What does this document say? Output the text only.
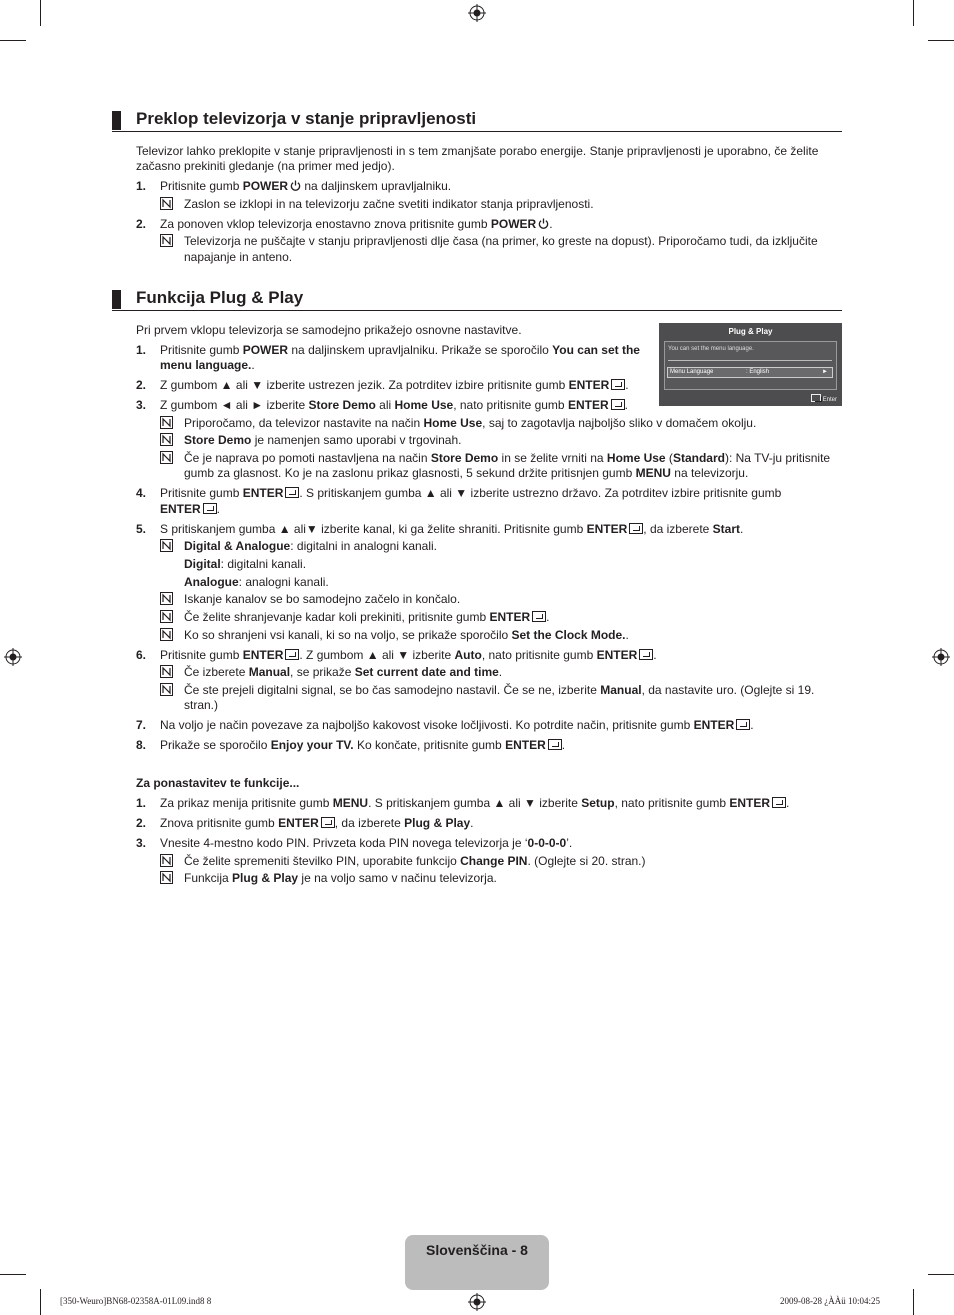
Preklop televizorja v stanje pripravljenosti
Televizor lahko preklopite v stanje pripravljenosti in s tem zmanjšate porabo energije. Stanje pripravljenosti je uporabno, če želite
začasno prekiniti gledanje (na primer med jedjo).
1. Pritisnite gumb POWER na daljinskem upravljalniku.
Zaslon se izklopi in na televizorju začne svetiti indikator stanja pripravljenosti.
2. Za ponoven vklop televizorja enostavno znova pritisnite gumb POWER .
Televizorja ne puščajte v stanju pripravljenosti dlje časa (na primer, ko greste na dopust). Priporočamo tudi, da izključite
napajanje in anteno.
Funkcija Plug & Play
Pri prvem vklopu televizorja se samodejno prikažejo osnovne nastavitve.	Plug & Play
You can set the menu language.
Menu Language	: English	►
Enter
1. Pritisnite gumb POWER na daljinskem upravljalniku. Prikaže se sporočilo You can set the
menu language..
2. Z gumbom ▲ ali ▼ izberite ustrezen jezik. Za potrditev izbire pritisnite gumb ENTER .
3. Z gumbom ◄ ali ► izberite Store Demo ali Home Use, nato pritisnite gumb ENTER .
Priporočamo, da televizor nastavite na način Home Use, saj to zagotavlja najboljšo sliko v domačem okolju.
Store Demo je namenjen samo uporabi v trgovinah.
Če je naprava po pomoti nastavljena na način Store Demo in se želite vrniti na Home Use (Standard): Na TV-ju pritisnite
gumb za glasnost. Ko je na zaslonu prikaz glasnosti, 5 sekund držite pritisnjen gumb MENU na televizorju.
4. Pritisnite gumb ENTER . S pritiskanjem gumba ▲ ali ▼ izberite ustrezno državo. Za potrditev izbire pritisnite gumb
ENTER .
5. S pritiskanjem gumba ▲ ali▼ izberite kanal, ki ga želite shraniti. Pritisnite gumb ENTER , da izberete Start.
Digital & Analogue: digitalni in analogni kanali.
Digital: digitalni kanali.
Analogue: analogni kanali.
Iskanje kanalov se bo samodejno začelo in končalo.
Če želite shranjevanje kadar koli prekiniti, pritisnite gumb ENTER .
Ko so shranjeni vsi kanali, ki so na voljo, se prikaže sporočilo Set the Clock Mode..
6. Pritisnite gumb ENTER . Z gumbom ▲ ali ▼ izberite Auto, nato pritisnite gumb ENTER .
Če izberete Manual, se prikaže Set current date and time.
Če ste prejeli digitalni signal, se bo čas samodejno nastavil. Če se ne, izberite Manual, da nastavite uro. (Oglejte si 19.
stran.)
7. Na voljo je način povezave za najboljšo kakovost visoke ločljivosti. Ko potrdite način, pritisnite gumb ENTER .
8. Prikaže se sporočilo Enjoy your TV. Ko končate, pritisnite gumb ENTER .
Za ponastavitev te funkcije...
1. Za prikaz menija pritisnite gumb MENU. S pritiskanjem gumba ▲ ali ▼ izberite Setup, nato pritisnite gumb ENTER .
2. Znova pritisnite gumb ENTER , da izberete Plug & Play.
3. Vnesite 4-mestno kodo PIN. Privzeta koda PIN novega televizorja je ‘0-0-0-0’.
Če želite spremeniti številko PIN, uporabite funkcijo Change PIN. (Oglejte si 20. stran.)
Funkcija Plug & Play je na voljo samo v načinu televizorja.
Slovenščina - 8
[350-Weuro]BN68-02358A-01L09.ind8 8	2009-08-28 ¿ÀÀü 10:04:25
